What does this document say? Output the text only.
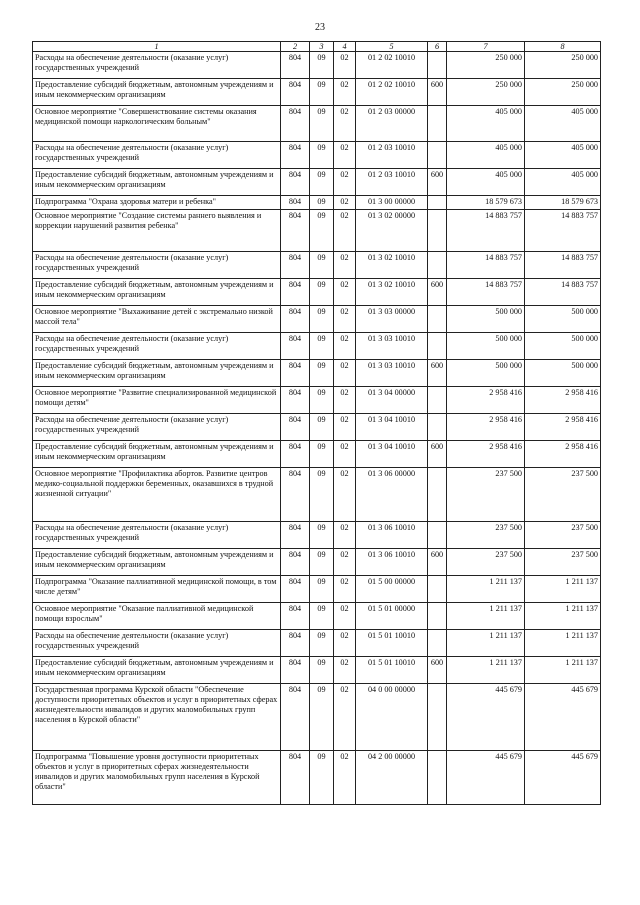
23
1	2	3	4	5	6	7	8
Расходы на обеспечение деятельности (оказание услуг) государственных учреждений	804	09	02	01 2 02 10010		250 000	250 000
Предоставление субсидий бюджетным, автономным учреждениям и иным некоммерческим организациям	804	09	02	01 2 02 10010	600	250 000	250 000
Основное мероприятие "Совершенствование системы оказания медицинской помощи наркологическим больным"	804	09	02	01 2 03 00000		405 000	405 000
Расходы на обеспечение деятельности (оказание услуг) государственных учреждений	804	09	02	01 2 03 10010		405 000	405 000
Предоставление субсидий бюджетным, автономным учреждениям и иным некоммерческим организациям	804	09	02	01 2 03 10010	600	405 000	405 000
Подпрограмма "Охрана здоровья матери и ребенка"	804	09	02	01 3 00 00000		18 579 673	18 579 673
Основное мероприятие "Создание системы раннего выявления и коррекции нарушений развития ребенка"	804	09	02	01 3 02 00000		14 883 757	14 883 757
Расходы на обеспечение деятельности (оказание услуг) государственных учреждений	804	09	02	01 3 02 10010		14 883 757	14 883 757
Предоставление субсидий бюджетным, автономным учреждениям и иным некоммерческим организациям	804	09	02	01 3 02 10010	600	14 883 757	14 883 757
Основное мероприятие "Выхаживание детей с экстремально низкой массой тела"	804	09	02	01 3 03 00000		500 000	500 000
Расходы на обеспечение деятельности (оказание услуг) государственных учреждений	804	09	02	01 3 03 10010		500 000	500 000
Предоставление субсидий бюджетным, автономным учреждениям и иным некоммерческим организациям	804	09	02	01 3 03 10010	600	500 000	500 000
Основное мероприятие "Развитие специализированной медицинской помощи детям"	804	09	02	01 3 04 00000		2 958 416	2 958 416
Расходы на обеспечение деятельности (оказание услуг) государственных учреждений	804	09	02	01 3 04 10010		2 958 416	2 958 416
Предоставление субсидий бюджетным, автономным учреждениям и иным некоммерческим организациям	804	09	02	01 3 04 10010	600	2 958 416	2 958 416
Основное мероприятие "Профилактика абортов. Развитие центров медико-социальной поддержки беременных, оказавшихся в трудной жизненной ситуации"	804	09	02	01 3 06 00000		237 500	237 500
Расходы на обеспечение деятельности (оказание услуг) государственных учреждений	804	09	02	01 3 06 10010		237 500	237 500
Предоставление субсидий бюджетным, автономным учреждениям и иным некоммерческим организациям	804	09	02	01 3 06 10010	600	237 500	237 500
Подпрограмма "Оказание паллиативной медицинской помощи, в том числе детям"	804	09	02	01 5 00 00000		1 211 137	1 211 137
Основное мероприятие "Оказание паллиативной медицинской помощи взрослым"	804	09	02	01 5 01 00000		1 211 137	1 211 137
Расходы на обеспечение деятельности (оказание услуг) государственных учреждений	804	09	02	01 5 01 10010		1 211 137	1 211 137
Предоставление субсидий бюджетным, автономным учреждениям и иным некоммерческим организациям	804	09	02	01 5 01 10010	600	1 211 137	1 211 137
Государственная программа Курской области "Обеспечение доступности приоритетных объектов и услуг в приоритетных сферах жизнедеятельности инвалидов и других маломобильных групп населения в Курской области"	804	09	02	04 0 00 00000		445 679	445 679
Подпрограмма "Повышение уровня доступности приоритетных объектов и услуг в приоритетных сферах жизнедеятельности инвалидов и других маломобильных групп населения в Курской области"	804	09	02	04 2 00 00000		445 679	445 679
